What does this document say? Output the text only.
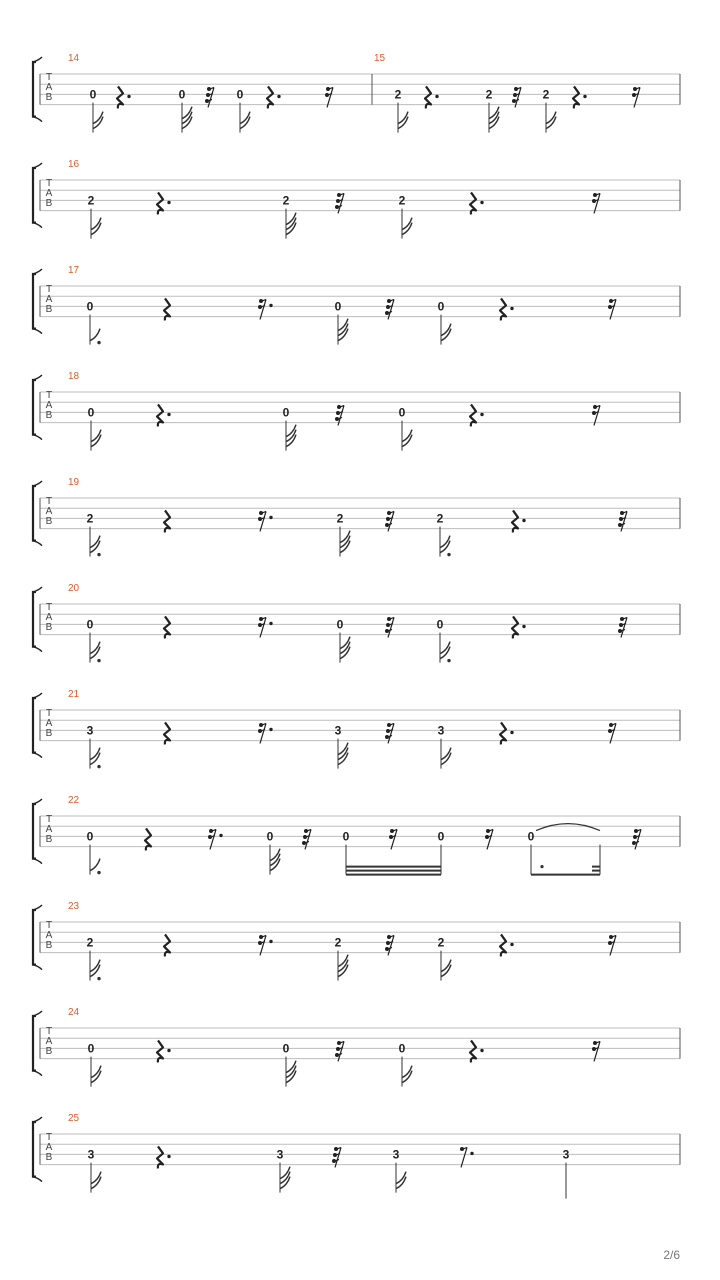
T
A
B
14
0	0	0
15
2	2	2
T
A
B
16
2	2	2
T
A
B
17
0	0	0
T
A
B
18
0	0	0
T
A
B
19
2	2	2
T
A
B
20
0	0	0
T
A
B
21
3	3	3
T
A
B
22
0	0	0	0	0
T
A
B
23
2	2	2
T
A
B
24
0	0	0
T
A
B
25
3	3	3	3
2/6
